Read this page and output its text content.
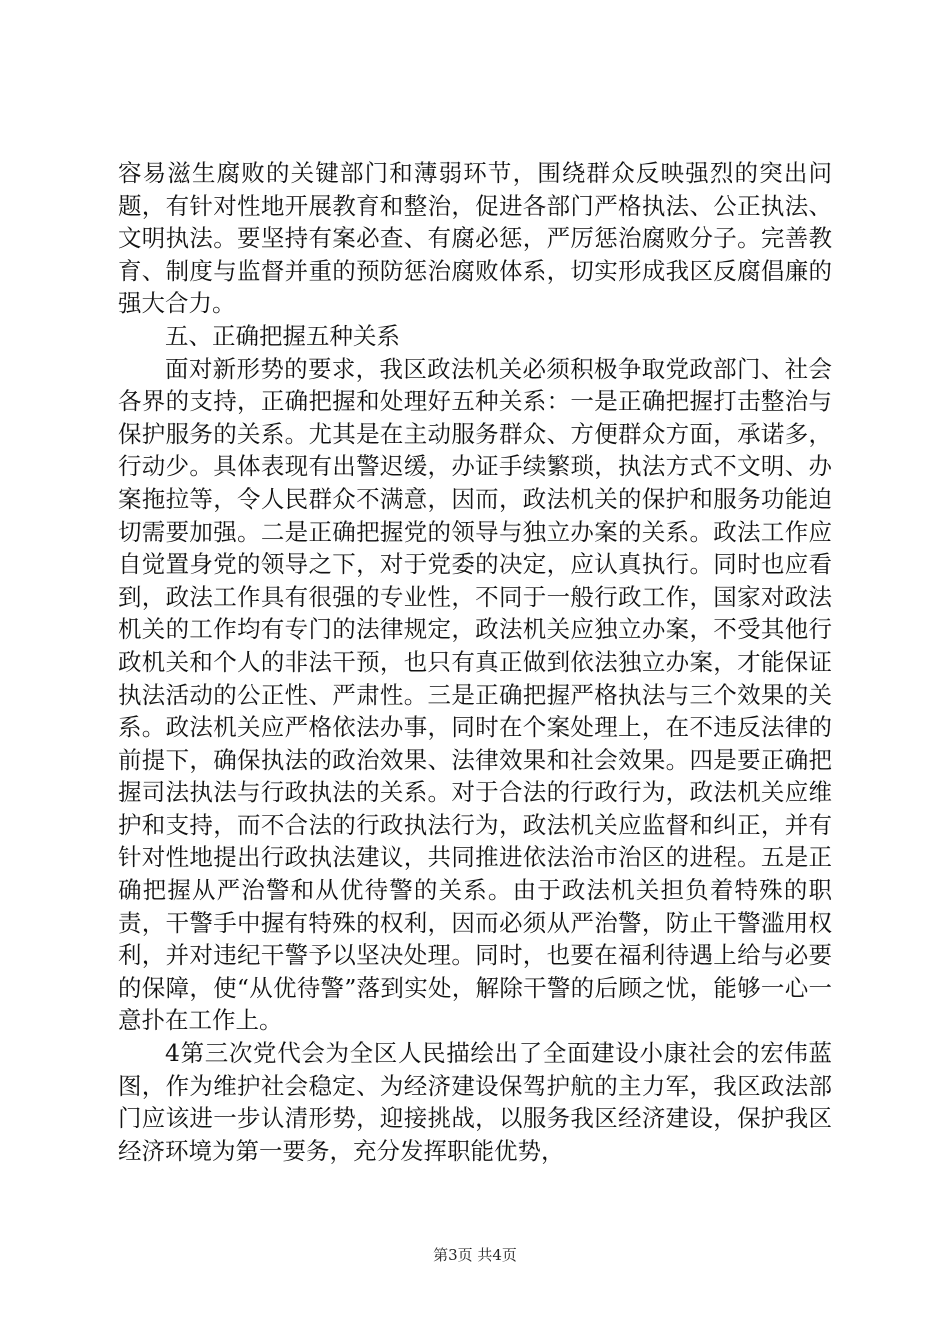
容易滋生腐败的关键部门和薄弱环节，围绕群众反映强烈的突出问题，有针对性地开展教育和整治，促进各部门严格执法、公正执法、文明执法。要坚持有案必查、有腐必惩，严厉惩治腐败分子。完善教育、制度与监督并重的预防惩治腐败体系，切实形成我区反腐倡廉的强大合力。

五、正确把握五种关系

面对新形势的要求，我区政法机关必须积极争取党政部门、社会各界的支持，正确把握和处理好五种关系：一是正确把握打击整治与保护服务的关系。尤其是在主动服务群众、方便群众方面，承诺多，行动少。具体表现有出警迟缓，办证手续繁琐，执法方式不文明、办案拖拉等，令人民群众不满意，因而，政法机关的保护和服务功能迫切需要加强。二是正确把握党的领导与独立办案的关系。政法工作应自觉置身党的领导之下，对于党委的决定，应认真执行。同时也应看到，政法工作具有很强的专业性，不同于一般行政工作，国家对政法机关的工作均有专门的法律规定，政法机关应独立办案，不受其他行政机关和个人的非法干预，也只有真正做到依法独立办案，才能保证执法活动的公正性、严肃性。三是正确把握严格执法与三个效果的关系。政法机关应严格依法办事，同时在个案处理上，在不违反法律的前提下，确保执法的政治效果、法律效果和社会效果。四是要正确把握司法执法与行政执法的关系。对于合法的行政行为，政法机关应维护和支持，而不合法的行政执法行为，政法机关应监督和纠正，并有针对性地提出行政执法建议，共同推进依法治市治区的进程。五是正确把握从严治警和从优待警的关系。由于政法机关担负着特殊的职责，干警手中握有特殊的权利，因而必须从严治警，防止干警滥用权利，并对违纪干警予以坚决处理。同时，也要在福利待遇上给与必要的保障，使“从优待警”落到实处，解除干警的后顾之忧，能够一心一意扑在工作上。

4第三次党代会为全区人民描绘出了全面建设小康社会的宏伟蓝图，作为维护社会稳定、为经济建设保驾护航的主力军，我区政法部门应该进一步认清形势，迎接挑战，以服务我区经济建设，保护我区经济环境为第一要务，充分发挥职能优势，

第3页 共4页
